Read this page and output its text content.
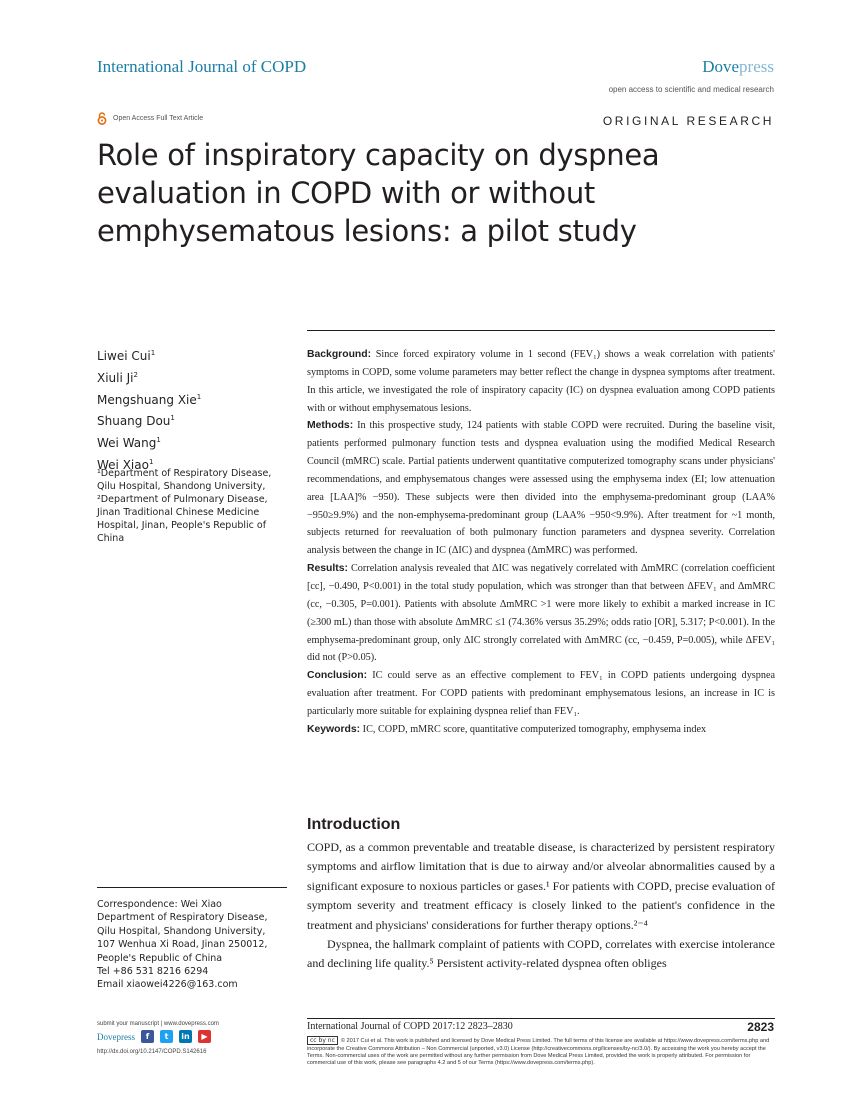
International Journal of COPD	Dovepress
open access to scientific and medical research
Open Access Full Text Article	ORIGINAL RESEARCH
Role of inspiratory capacity on dyspnea evaluation in COPD with or without emphysematous lesions: a pilot study
Liwei Cui$^1$
Xiuli Ji$^2$
Mengshuang Xie$^1$
Shuang Dou$^1$
Wei Wang$^1$
Wei Xiao$^1$
¹Department of Respiratory Disease, Qilu Hospital, Shandong University, ²Department of Pulmonary Disease, Jinan Traditional Chinese Medicine Hospital, Jinan, People's Republic of China
Correspondence: Wei Xiao
Department of Respiratory Disease,
Qilu Hospital, Shandong University,
107 Wenhua Xi Road, Jinan 250012,
People's Republic of China
Tel +86 531 8216 6294
Email xiaowei4226@163.com

Background: Since forced expiratory volume in 1 second (FEV₁) shows a weak correlation with patients' symptoms in COPD, some volume parameters may better reflect the change in dyspnea symptoms after treatment. In this article, we investigated the role of inspiratory capacity (IC) on dyspnea evaluation among COPD patients with or without emphysematous lesions.

Methods: In this prospective study, 124 patients with stable COPD were recruited. During the baseline visit, patients performed pulmonary function tests and dyspnea evaluation using the modified Medical Research Council (mMRC) scale. Partial patients underwent quantitative computerized tomography scans under physicians' recommendations, and emphysematous changes were assessed using the emphysema index (EI; low attenuation area [LAA]% −950). These subjects were then divided into the emphysema-predominant group (LAA% −950≥9.9%) and the non-emphysema-predominant group (LAA% −950<9.9%). After treatment for ~1 month, subjects returned for reevaluation of both pulmonary function parameters and dyspnea severity. Correlation analysis between the change in IC (ΔIC) and dyspnea (ΔmMRC) was performed.

Results: Correlation analysis revealed that ΔIC was negatively correlated with ΔmMRC (correlation coefficient [cc], −0.490, P<0.001) in the total study population, which was stronger than that between ΔFEV₁ and ΔmMRC (cc, −0.305, P=0.001). Patients with absolute ΔmMRC >1 were more likely to exhibit a marked increase in IC (≥300 mL) than those with absolute ΔmMRC ≤1 (74.36% versus 35.29%; odds ratio [OR], 5.317; P<0.001). In the emphysema-predominant group, only ΔIC strongly correlated with ΔmMRC (cc, −0.459, P=0.005), while ΔFEV₁ did not (P>0.05).

Conclusion: IC could serve as an effective complement to FEV₁ in COPD patients undergoing dyspnea evaluation after treatment. For COPD patients with predominant emphysematous lesions, an increase in IC is particularly more suitable for explaining dyspnea relief than FEV₁.

Keywords: IC, COPD, mMRC score, quantitative computerized tomography, emphysema index

Introduction

COPD, as a common preventable and treatable disease, is characterized by persistent respiratory symptoms and airflow limitation that is due to airway and/or alveolar abnormalities caused by a significant exposure to noxious particles or gases.¹ For patients with COPD, precise evaluation of symptom severity and treatment efficacy is closely linked to the patient's confidence in the treatment and physicians' considerations for further therapy options.²⁻⁴

Dyspnea, the hallmark complaint of patients with COPD, correlates with exercise intolerance and declining life quality.⁵ Persistent activity-related dyspnea often obliges

submit your manuscript | www.dovepress.com
Dovepress	f	t	in	▶
http://dx.doi.org/10.2147/COPD.S142616
International Journal of COPD 2017:12 2823–2830	2823
cc by nc © 2017 Cui et al. This work is published and licensed by Dove Medical Press Limited. The full terms of this license are available at https://www.dovepress.com/terms.php and incorporate the Creative Commons Attribution – Non Commercial (unported, v3.0) License (http://creativecommons.org/licenses/by-nc/3.0/). By accessing the work you hereby accept the Terms. Non-commercial uses of the work are permitted without any further permission from Dove Medical Press Limited, provided the work is properly attributed. For permission for commercial use of this work, please see paragraphs 4.2 and 5 of our Terms (https://www.dovepress.com/terms.php).
